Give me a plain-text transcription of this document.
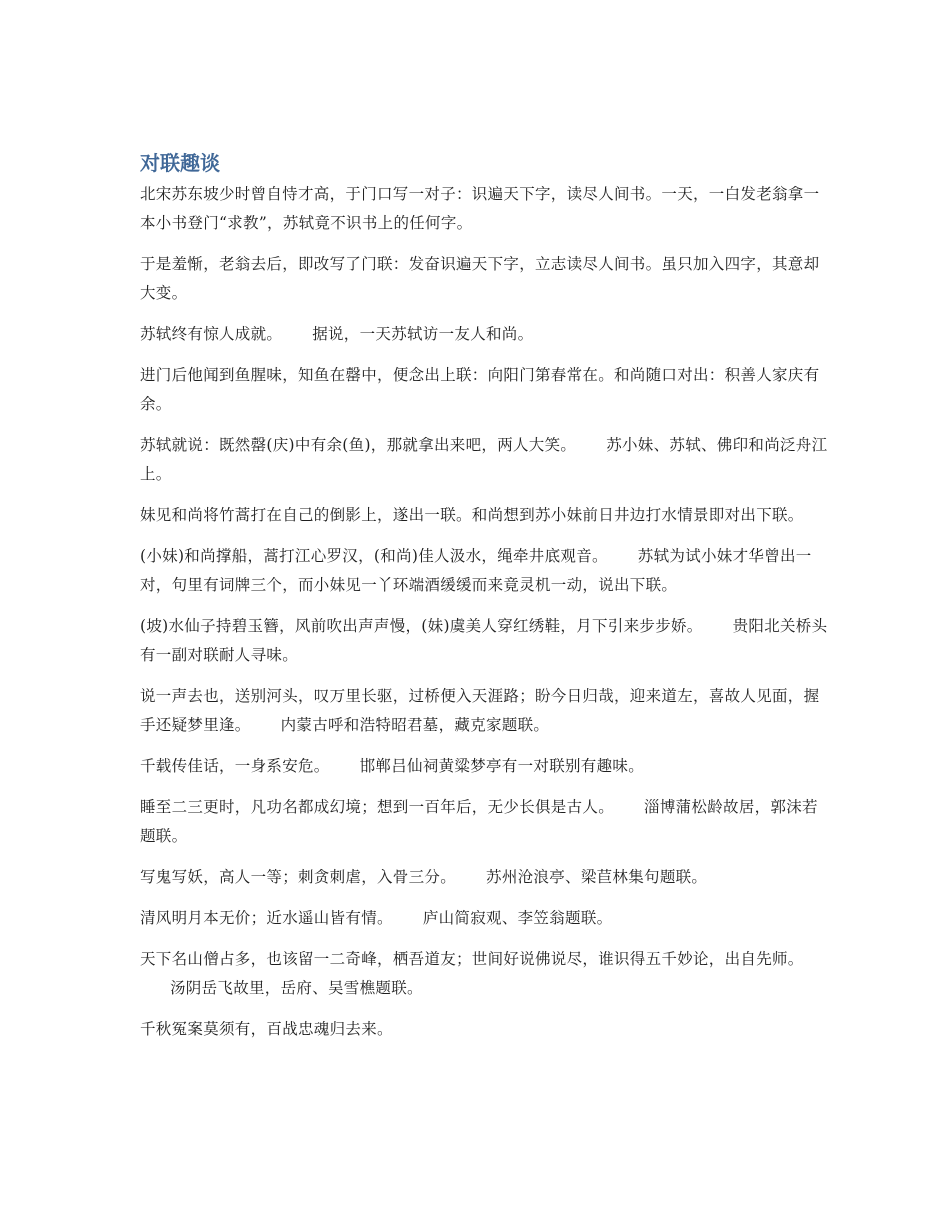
对联趣谈

北宋苏东坡少时曾自恃才高，于门口写一对子：识遍天下字，读尽人间书。一天，一白发老翁拿一本小书登门“求教”，苏轼竟不识书上的任何字。

于是羞惭，老翁去后，即改写了门联：发奋识遍天下字，立志读尽人间书。虽只加入四字，其意却大变。

苏轼终有惊人成就。 据说，一天苏轼访一友人和尚。

进门后他闻到鱼腥味，知鱼在罄中，便念出上联：向阳门第春常在。和尚随口对出：积善人家庆有余。

苏轼就说：既然罄(庆)中有余(鱼)，那就拿出来吧，两人大笑。 苏小妹、苏轼、佛印和尚泛舟江上。

妹见和尚将竹蒿打在自己的倒影上，遂出一联。和尚想到苏小妹前日井边打水情景即对出下联。

(小妹)和尚撑船，蒿打江心罗汉，(和尚)佳人汲水，绳牵井底观音。 苏轼为试小妹才华曾出一对，句里有词牌三个，而小妹见一丫环端酒缓缓而来竟灵机一动，说出下联。

(坡)水仙子持碧玉簪，风前吹出声声慢，(妹)虞美人穿红绣鞋，月下引来步步娇。 贵阳北关桥头有一副对联耐人寻味。

说一声去也，送别河头，叹万里长驱，过桥便入天涯路；盼今日归哉，迎来道左，喜故人见面，握手还疑梦里逢。 内蒙古呼和浩特昭君墓，藏克家题联。

千载传佳话，一身系安危。 邯郸吕仙祠黄粱梦亭有一对联别有趣味。

睡至二三更时，凡功名都成幻境；想到一百年后，无少长俱是古人。 淄博蒲松龄故居，郭沫若题联。

写鬼写妖，高人一等；刺贪刺虐，入骨三分。 苏州沧浪亭、梁苣林集句题联。

清风明月本无价；近水遥山皆有情。 庐山简寂观、李笠翁题联。

天下名山僧占多，也该留一二奇峰，栖吾道友；世间好说佛说尽，谁识得五千妙论，出自先师。汤阴岳飞故里，岳府、吴雪樵题联。

千秋冤案莫须有，百战忠魂归去来。
